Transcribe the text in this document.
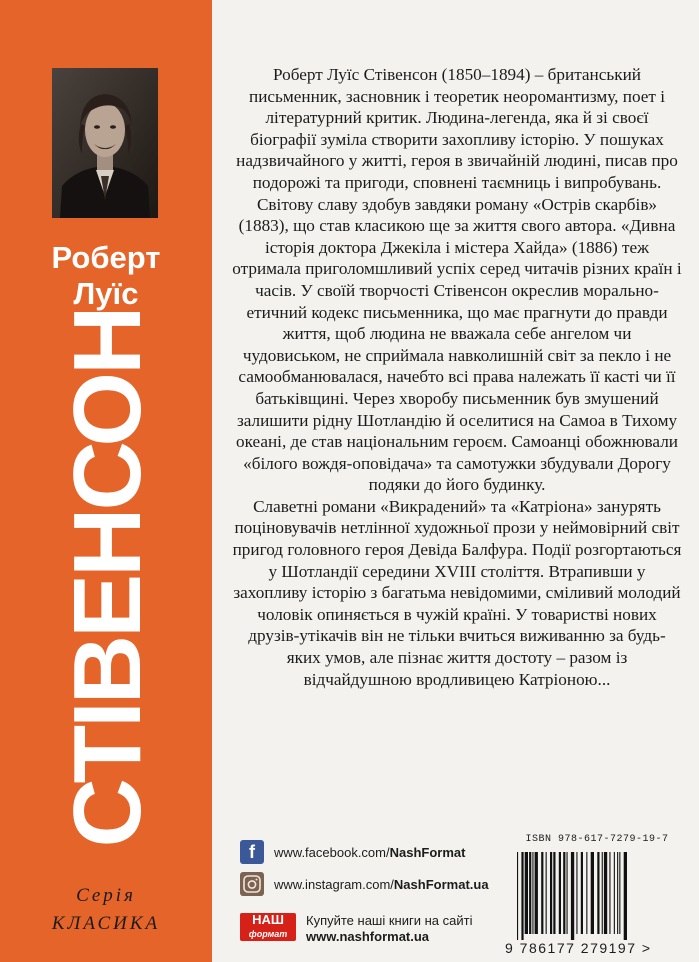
Роберт
Луїс
СТІВЕНСОН
Серія
КЛАСИКА

Роберт Луїс Стівенсон (1850–1894) – британський письменник, засновник і теоретик неоромантизму, поет і літературний критик. Людина-легенда, яка й зі своєї біографії зуміла створити захопливу історію. У пошуках надзвичайного у житті, героя в звичайній людині, писав про подорожі та пригоди, сповнені таємниць і випробувань. Світову славу здобув завдяки роману «Острів скарбів» (1883), що став класикою ще за життя свого автора. «Дивна історія доктора Джекіла і містера Хайда» (1886) теж отримала приголомшливий успіх серед читачів різних країн і часів. У своїй творчості Стівенсон окреслив морально-етичний кодекс письменника, що має прагнути до правди життя, щоб людина не вважала себе ангелом чи чудовиськом, не сприймала навколишній світ за пекло і не самообманювалася, начебто всі права належать її касті чи її батьківщині. Через хворобу письменник був змушений залишити рідну Шотландію й оселитися на Самоа в Тихому океані, де став національним героєм. Самоанці обожнювали «білого вождя-оповідача» та самотужки збудували Дорогу подяки до його будинку.

Славетні романи «Викрадений» та «Катріона» занурять поціновувачів нетлінної художньої прози у неймовірний світ пригод головного героя Девіда Балфура. Події розгортаються у Шотландії середини XVIII століття. Втрапивши у захопливу історію з багатьма невідомими, сміливий молодий чоловік опиняється в чужій країні. У товаристві нових друзів-утікачів він не тільки вчиться виживанню за будь-яких умов, але пізнає життя достоту – разом із відчайдушною вродливицею Катріоною...

f	www.facebook.com/NashFormat
www.instagram.com/NashFormat.ua
НАШ
формат
Купуйте наші книги на сайті
www.nashformat.ua
ISBN 978-617-7279-19-7
9 786177 279197 >
